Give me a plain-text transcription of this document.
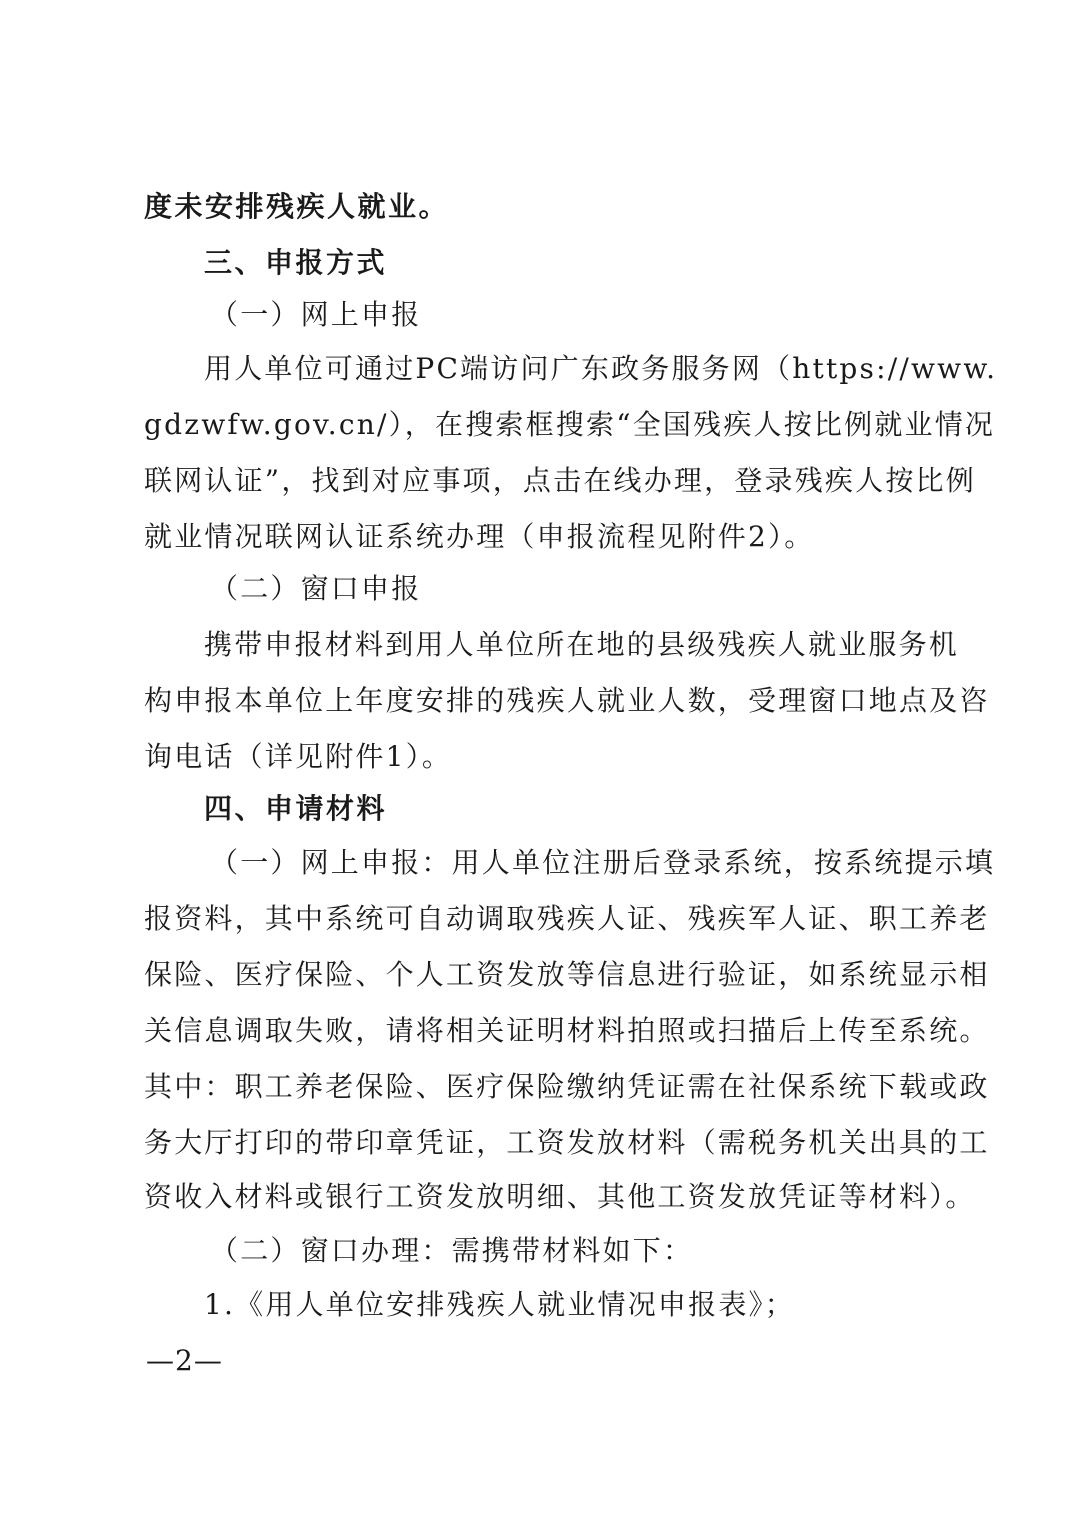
度未安排残疾人就业。
三、申报方式
（一）网上申报
用人单位可通过PC端访问广东政务服务网（https://www.
gdzwfw.gov.cn/），在搜索框搜索“全国残疾人按比例就业情况
联网认证”，找到对应事项，点击在线办理，登录残疾人按比例
就业情况联网认证系统办理（申报流程见附件2）。
（二）窗口申报
携带申报材料到用人单位所在地的县级残疾人就业服务机
构申报本单位上年度安排的残疾人就业人数，受理窗口地点及咨
询电话（详见附件1）。
四、申请材料
（一）网上申报：用人单位注册后登录系统，按系统提示填
报资料，其中系统可自动调取残疾人证、残疾军人证、职工养老
保险、医疗保险、个人工资发放等信息进行验证，如系统显示相
关信息调取失败，请将相关证明材料拍照或扫描后上传至系统。
其中：职工养老保险、医疗保险缴纳凭证需在社保系统下载或政
务大厅打印的带印章凭证，工资发放材料（需税务机关出具的工
资收入材料或银行工资发放明细、其他工资发放凭证等材料）。
（二）窗口办理：需携带材料如下：
1.《用人单位安排残疾人就业情况申报表》；
—2—
